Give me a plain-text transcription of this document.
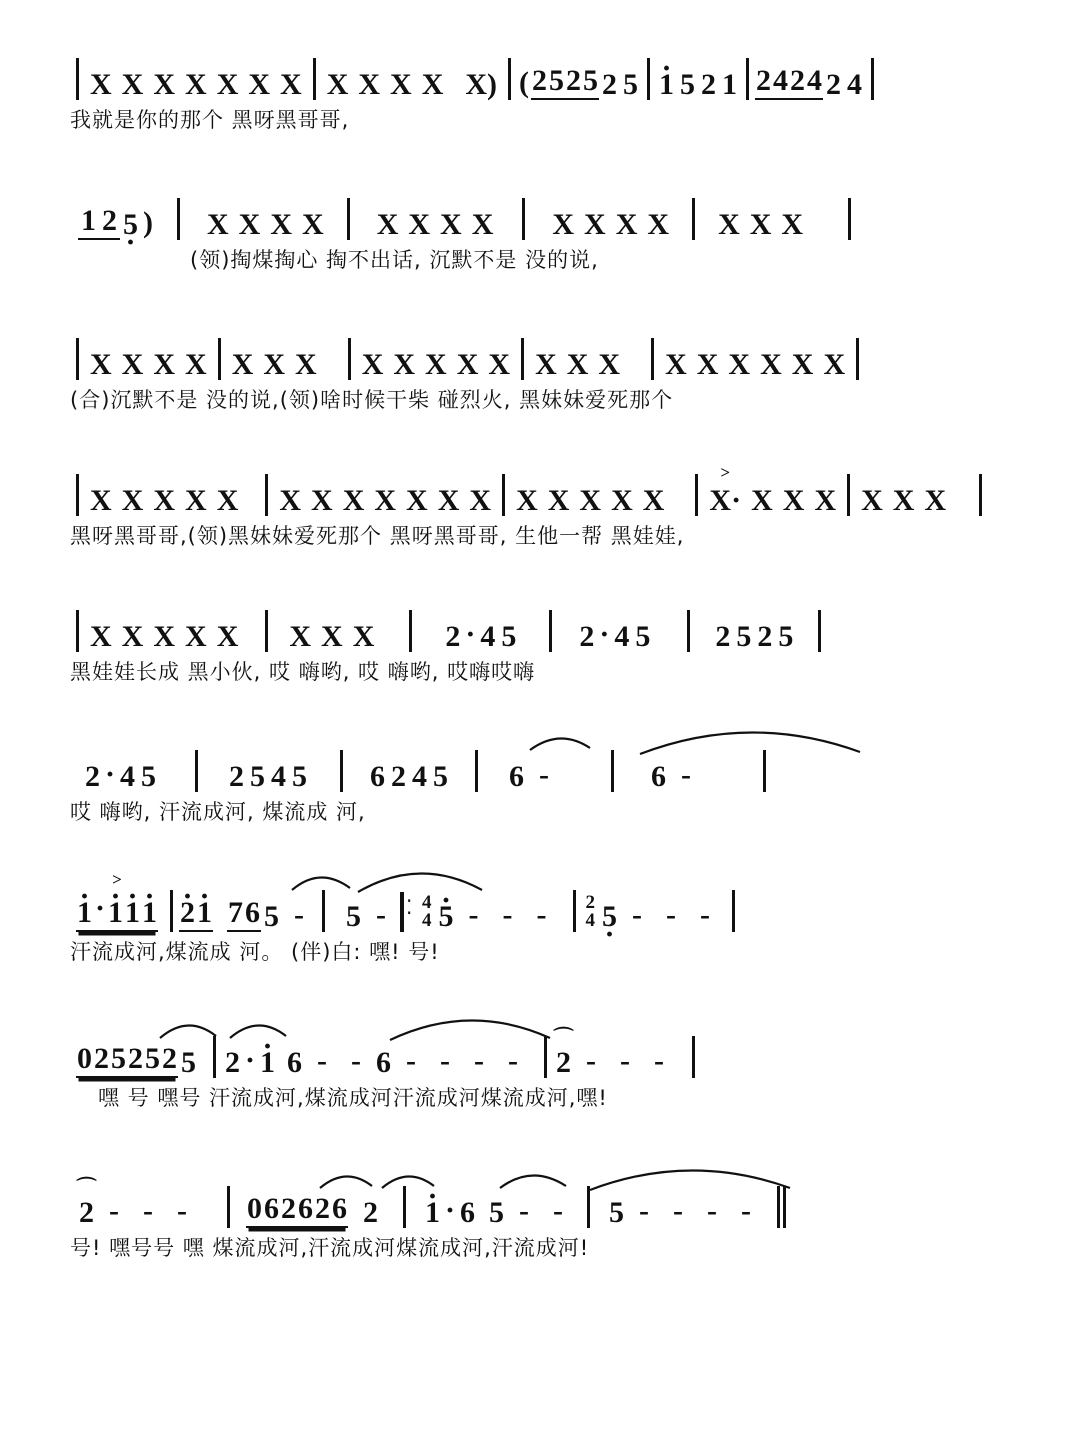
X X X X X X X X X X X X) ( 2 5 2 5 2 5 · 1 5 2 1 2 4 2 4 2 4
我就是你的那个 黑呀黑哥哥,
1 2 5 · ) X X X X X X X X X X X X X X X
(领)掏煤掏心 掏不出话, 沉默不是 没的说,
X X X X X X X X X X X X X X X X X X X X X
(合)沉默不是 没的说,(领)啥时候干柴 碰烈火, 黑妹妹爱死那个
X X X X X X X X X X X X X X X X X > X· X X X X X X
黑呀黑哥哥,(领)黑妹妹爱死那个 黑呀黑哥哥, 生他一帮 黑娃娃,
X X X X X X X X 2 · 4 5 2 · 4 5 2 5 2 5
黑娃娃长成 黑小伙, 哎 嗨哟, 哎 嗨哟, 哎嗨哎嗨
2 · 4 5 2 5 4 5 6 2 4 5 6 -	6 -
哎 嗨哟, 汗流成河, 煤流成 河,
· > 1 · · 1 · 1 · 1 · 2 · 1 7 6 5 -	5 - ⁚	4
4 · 5 - - -	2
4 5 · - - -
汗流成河,煤流成 河。 (伴)白: 嘿! 号!
0 2 5 2 5 2 5 2 · · 1 6 - - 6 - - - -	⌒ 2 - - -
嘿 号 嘿号 汗流成河,煤流成河汗流成河煤流成河,嘿!
⌒ 2 - - -	0 6 2 6 2 6 2 · 1 · 6 5 - -	5 - - - -
号! 嘿号号 嘿 煤流成河,汗流成河煤流成河,汗流成河!
